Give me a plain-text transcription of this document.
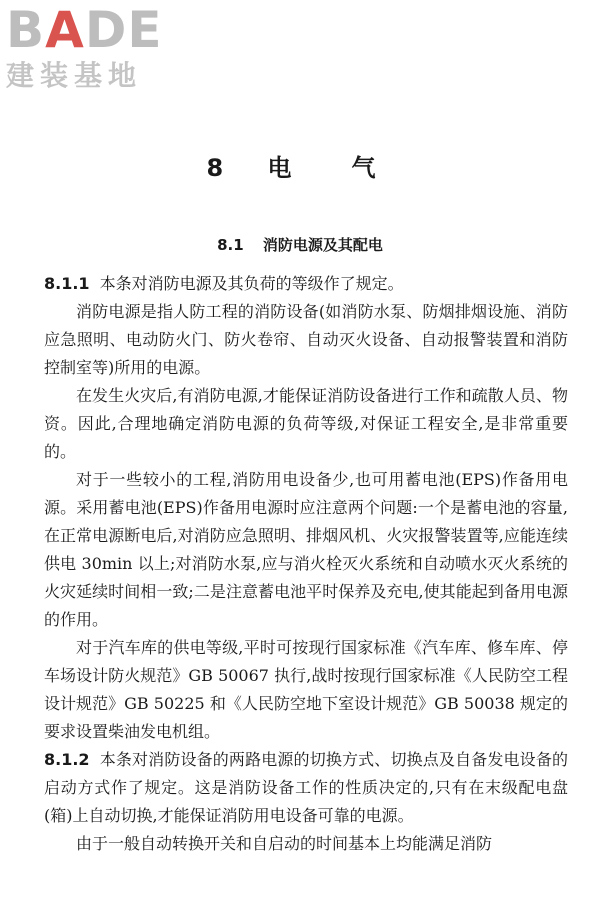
BADE
建装基地
8 电　气
8.1 消防电源及其配电

8.1.1 本条对消防电源及其负荷的等级作了规定。

消防电源是指人防工程的消防设备(如消防水泵、防烟排烟设施、消防应急照明、电动防火门、防火卷帘、自动灭火设备、自动报警装置和消防控制室等)所用的电源。

在发生火灾后,有消防电源,才能保证消防设备进行工作和疏散人员、物资。因此,合理地确定消防电源的负荷等级,对保证工程安全,是非常重要的。

对于一些较小的工程,消防用电设备少,也可用蓄电池(EPS)作备用电源。采用蓄电池(EPS)作备用电源时应注意两个问题:一个是蓄电池的容量,在正常电源断电后,对消防应急照明、排烟风机、火灾报警装置等,应能连续供电 30min 以上;对消防水泵,应与消火栓灭火系统和自动喷水灭火系统的火灾延续时间相一致;二是注意蓄电池平时保养及充电,使其能起到备用电源的作用。

对于汽车库的供电等级,平时可按现行国家标准《汽车库、修车库、停车场设计防火规范》GB 50067 执行,战时按现行国家标准《人民防空工程设计规范》GB 50225 和《人民防空地下室设计规范》GB 50038 规定的要求设置柴油发电机组。

8.1.2 本条对消防设备的两路电源的切换方式、切换点及自备发电设备的启动方式作了规定。这是消防设备工作的性质决定的,只有在末级配电盘(箱)上自动切换,才能保证消防用电设备可靠的电源。

由于一般自动转换开关和自启动的时间基本上均能满足消防
